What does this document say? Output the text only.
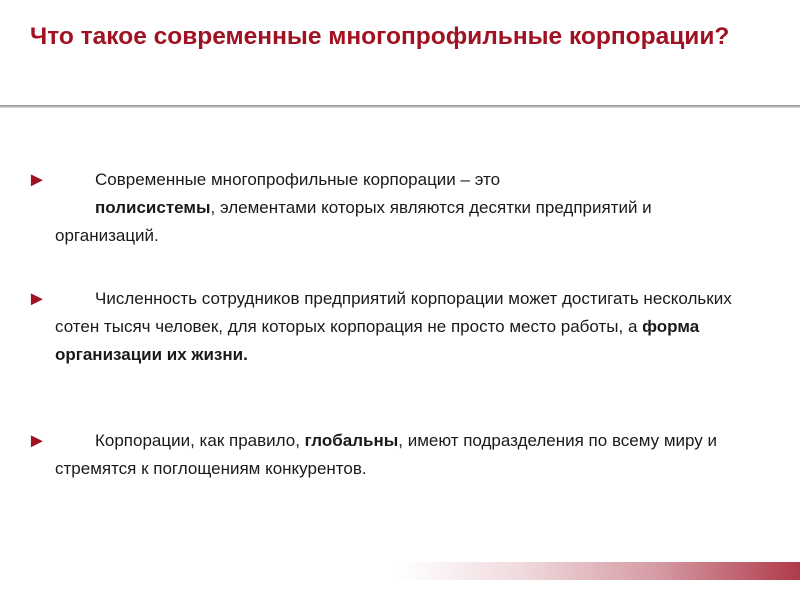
Что такое современные многопрофильные корпорации?
►	Современные многопрофильные корпорации – это
полисистемы, элементами которых являются десятки предприятий и организаций.

►	Численность сотрудников предприятий корпорации может достигать нескольких сотен тысяч человек, для которых корпорация не просто место работы, а формаорганизации их жизни.

►	Корпорации, как правило, глобальны, имеют подразделения по всему миру и стремятся к поглощениям конкурентов.
